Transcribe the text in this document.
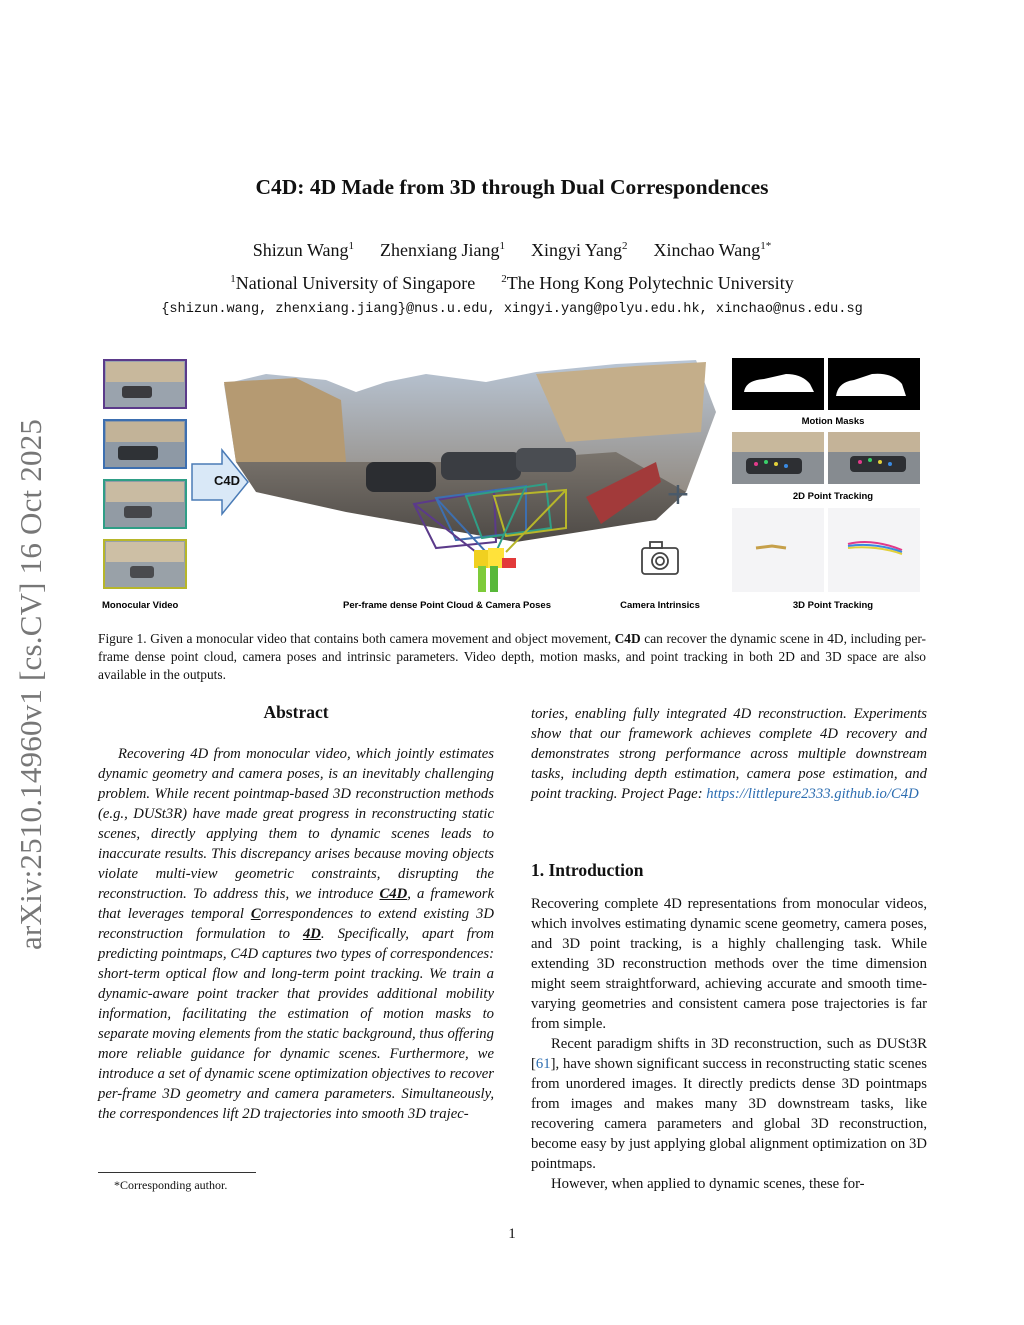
C4D: 4D Made from 3D through Dual Correspondences
Shizun Wang$^1$ Zhenxiang Jiang$^1$ Xingyi Yang$^2$ Xinchao Wang$^{1*}$
$^1$National University of Singapore $^2$The Hong Kong Polytechnic University
{shizun.wang, zhenxiang.jiang}@nus.u.edu, xingyi.yang@polyu.edu.hk, xinchao@nus.edu.sg
arXiv:2510.14960v1 [cs.CV] 16 Oct 2025	+
C4D
Monocular Video	Per-frame dense Point Cloud & Camera Poses	Camera Intrinsics
Motion Masks
2D Point Tracking
3D Point Tracking
Figure 1. Given a monocular video that contains both camera movement and object movement, C4D can recover the dynamic scene in 4D, including per-frame dense point cloud, camera poses and intrinsic parameters. Video depth, motion masks, and point tracking in both 2D and 3D space are also available in the outputs.
Abstract
Recovering 4D from monocular video, which jointly estimates dynamic geometry and camera poses, is an inevitably challenging problem. While recent pointmap-based 3D reconstruction methods (e.g., DUSt3R) have made great progress in reconstructing static scenes, directly applying them to dynamic scenes leads to inaccurate results. This discrepancy arises because moving objects violate multi-view geometric constraints, disrupting the reconstruction. To address this, we introduce C4D, a framework that leverages temporal Correspondences to extend existing 3D reconstruction formulation to 4D. Specifically, apart from predicting pointmaps, C4D captures two types of correspondences: short-term optical flow and long-term point tracking. We train a dynamic-aware point tracker that provides additional mobility information, facilitating the estimation of motion masks to separate moving elements from the static background, thus offering more reliable guidance for dynamic scenes. Furthermore, we introduce a set of dynamic scene optimization objectives to recover per-frame 3D geometry and camera parameters. Simultaneously, the correspondences lift 2D trajectories into smooth 3D trajec-
*Corresponding author.
tories, enabling fully integrated 4D reconstruction. Experiments show that our framework achieves complete 4D recovery and demonstrates strong performance across multiple downstream tasks, including depth estimation, camera pose estimation, and point tracking. Project Page: https://littlepure2333.github.io/C4D
1. Introduction
Recovering complete 4D representations from monocular videos, which involves estimating dynamic scene geometry, camera poses, and 3D point tracking, is a highly challenging task. While extending 3D reconstruction methods over the time dimension might seem straightforward, achieving accurate and smooth time-varying geometries and consistent camera pose trajectories is far from simple.
Recent paradigm shifts in 3D reconstruction, such as DUSt3R [61], have shown significant success in reconstructing static scenes from unordered images. It directly predicts dense 3D pointmaps from images and makes many 3D downstream tasks, like recovering camera parameters and global 3D reconstruction, become easy by just applying global alignment optimization on 3D pointmaps.
However, when applied to dynamic scenes, these for-
1
